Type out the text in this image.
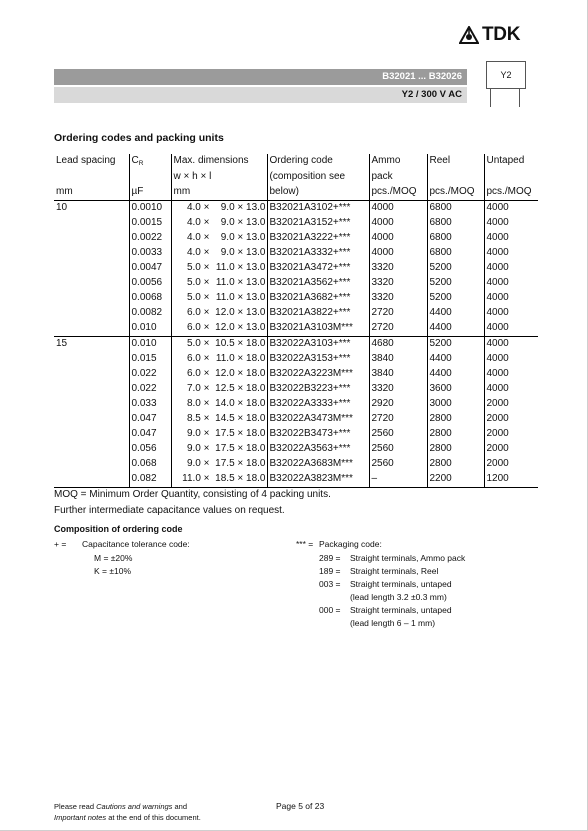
TDK
B32021 ... B32026
Y2 / 300 V AC
Y2
Ordering codes and packing units
Lead spacing	$C_R$	Max. dimensions	Ordering code	Ammo	Reel	Untaped
		w × h × l	(composition see	pack		
mm	µF	mm	below)	pcs./MOQ	pcs./MOQ	pcs./MOQ
10	0.0010	4.0 × 9.0 × 13.0	B32021A3102+***	4000	6800	4000
	0.0015	4.0 × 9.0 × 13.0	B32021A3152+***	4000	6800	4000
	0.0022	4.0 × 9.0 × 13.0	B32021A3222+***	4000	6800	4000
	0.0033	4.0 × 9.0 × 13.0	B32021A3332+***	4000	6800	4000
	0.0047	5.0 × 11.0 × 13.0	B32021A3472+***	3320	5200	4000
	0.0056	5.0 × 11.0 × 13.0	B32021A3562+***	3320	5200	4000
	0.0068	5.0 × 11.0 × 13.0	B32021A3682+***	3320	5200	4000
	0.0082	6.0 × 12.0 × 13.0	B32021A3822+***	2720	4400	4000
	0.010	6.0 × 12.0 × 13.0	B32021A3103M***	2720	4400	4000
15	0.010	5.0 × 10.5 × 18.0	B32022A3103+***	4680	5200	4000
	0.015	6.0 × 11.0 × 18.0	B32022A3153+***	3840	4400	4000
	0.022	6.0 × 12.0 × 18.0	B32022A3223M***	3840	4400	4000
	0.022	7.0 × 12.5 × 18.0	B32022B3223+***	3320	3600	4000
	0.033	8.0 × 14.0 × 18.0	B32022A3333+***	2920	3000	2000
	0.047	8.5 × 14.5 × 18.0	B32022A3473M***	2720	2800	2000
	0.047	9.0 × 17.5 × 18.0	B32022B3473+***	2560	2800	2000
	0.056	9.0 × 17.5 × 18.0	B32022A3563+***	2560	2800	2000
	0.068	9.0 × 17.5 × 18.0	B32022A3683M***	2560	2800	2000
	0.082	11.0 × 18.5 × 18.0	B32022A3823M***	–	2200	1200
MOQ = Minimum Order Quantity, consisting of 4 packing units.
Further intermediate capacitance values on request.
Composition of ordering code
+ = Capacitance tolerance code:
M = ±20%
K = ±10%
*** = Packaging code:
289 = Straight terminals, Ammo pack
189 = Straight terminals, Reel
003 = Straight terminals, untaped
(lead length 3.2 ±0.3 mm)
000 = Straight terminals, untaped
(lead length 6 – 1 mm)
Please read Cautions and warnings and
Important notes at the end of this document.
Page 5 of 23
